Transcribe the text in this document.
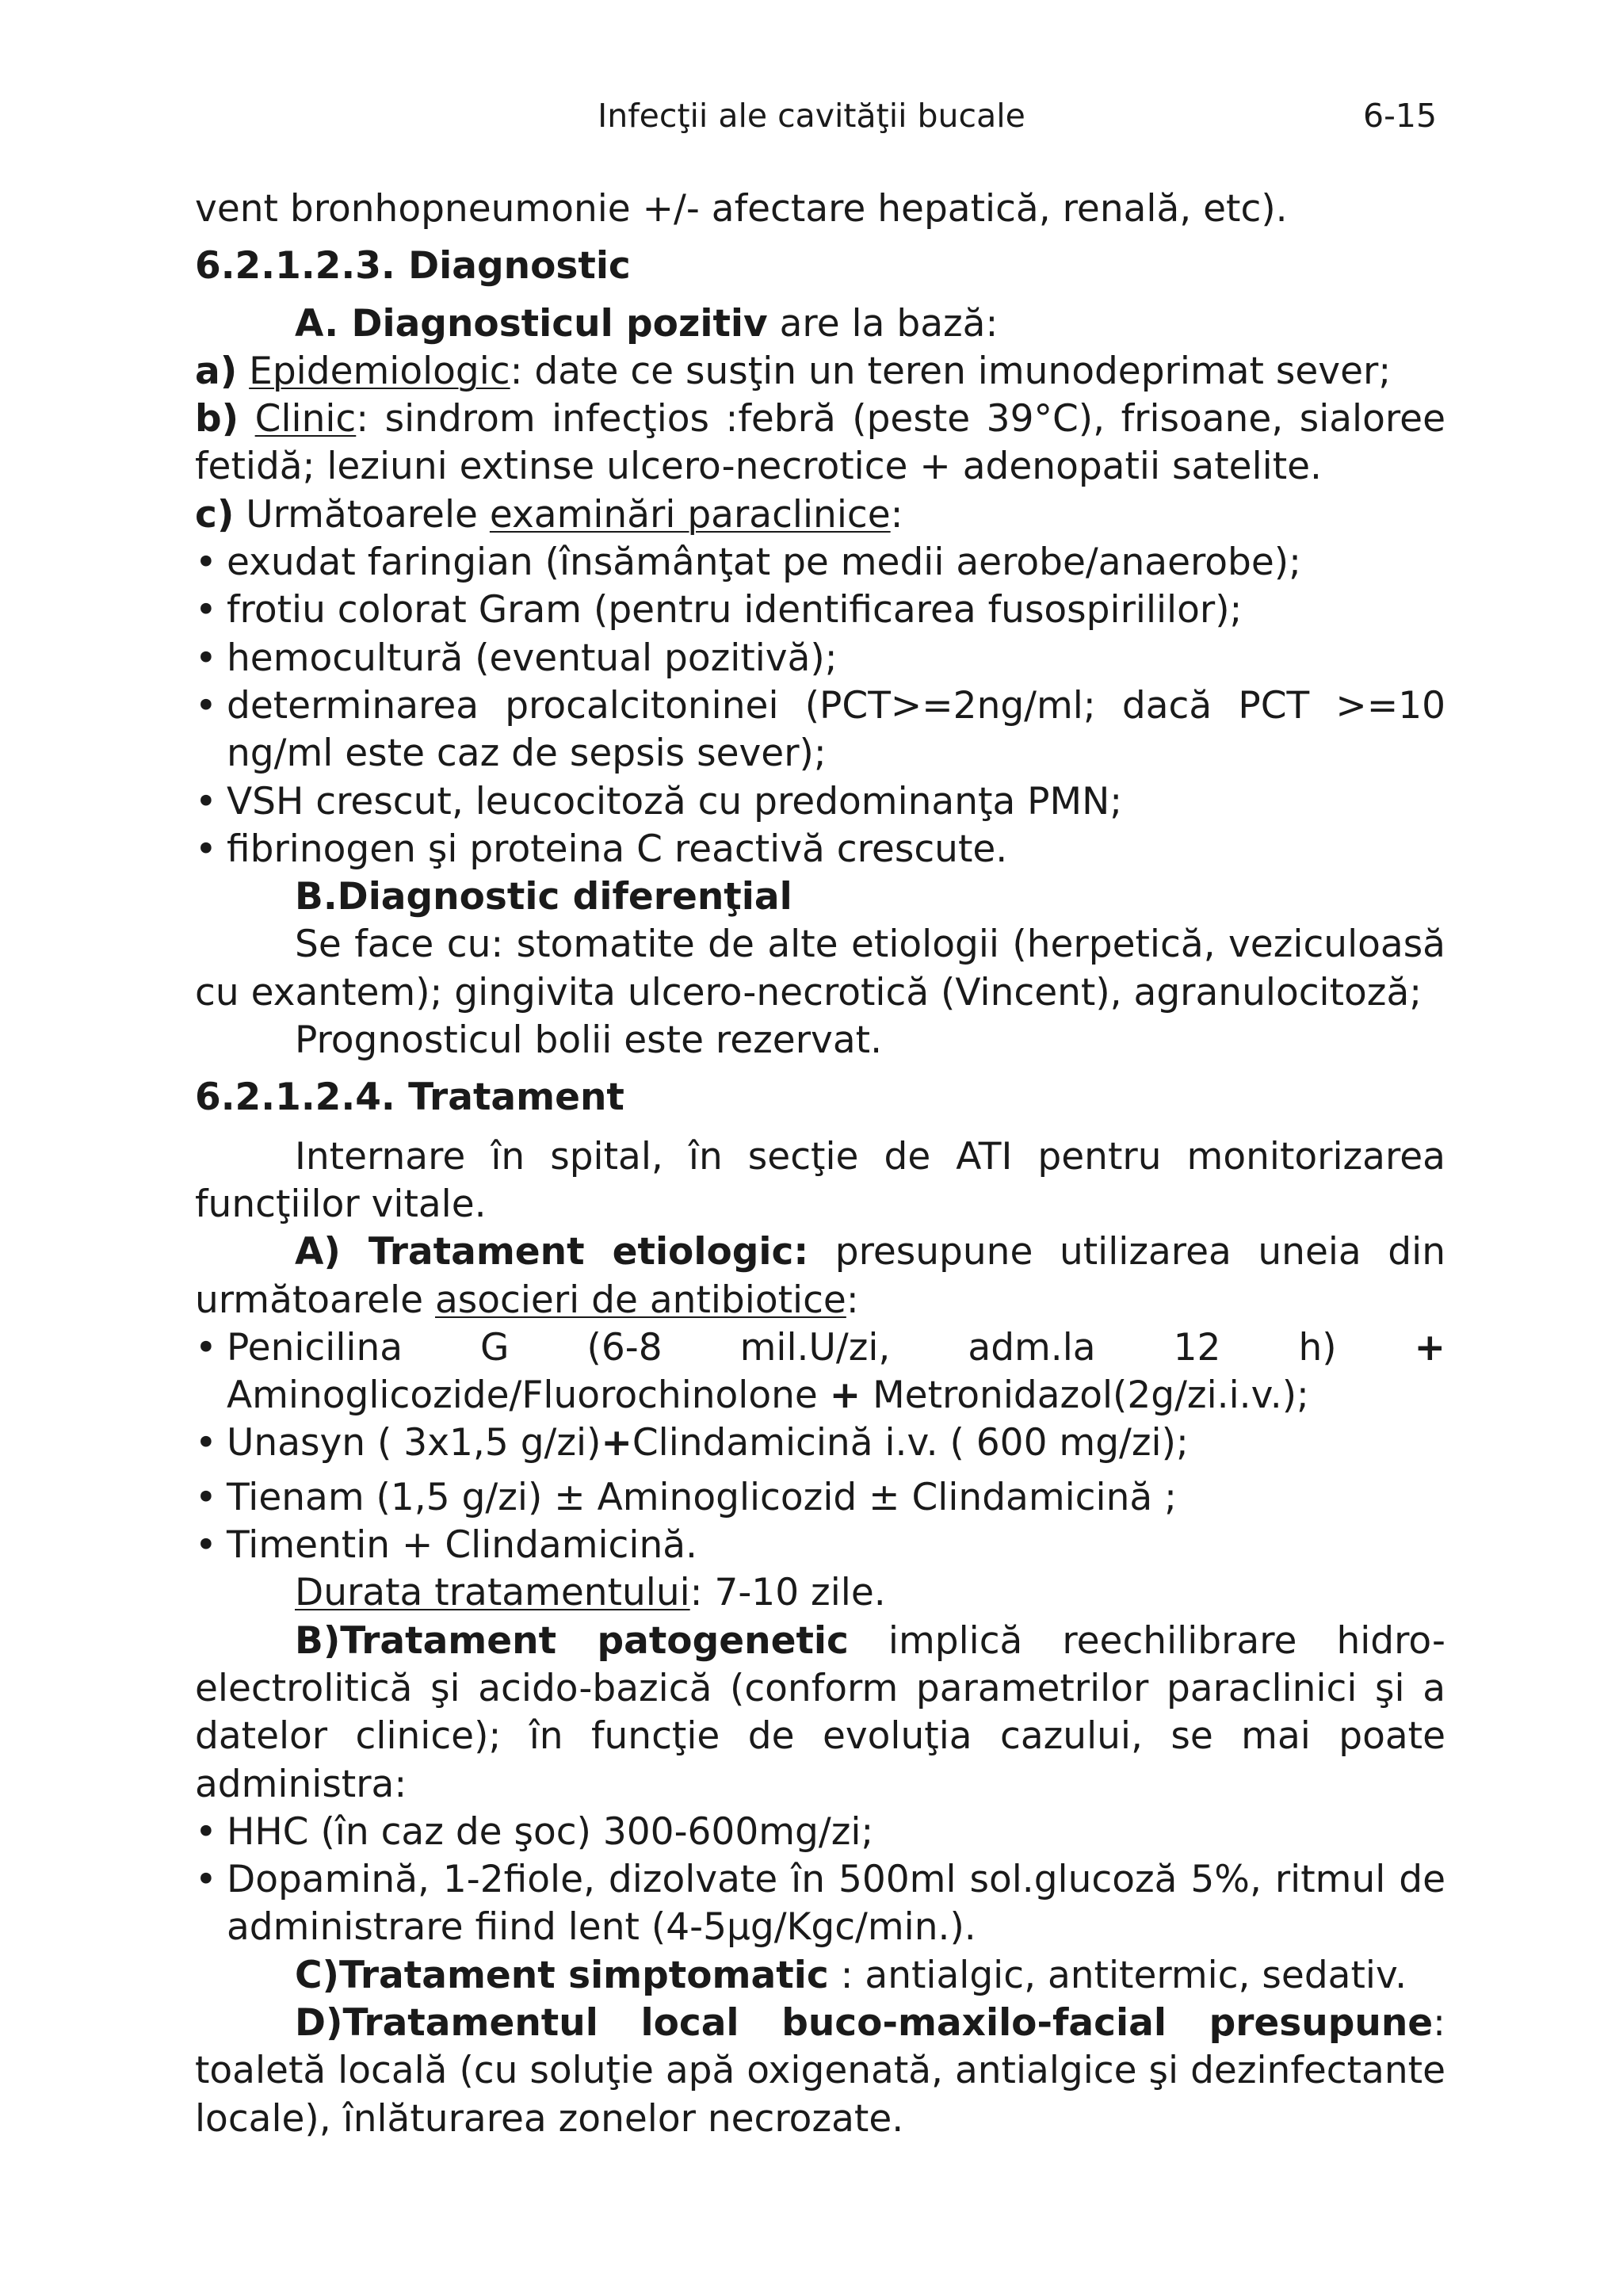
Infecţii ale cavităţii bucale	6-15

vent bronhopneumonie +/- afectare hepatică, renală, etc).

6.2.1.2.3. Diagnostic

A. Diagnosticul pozitiv are la bază:

a) Epidemiologic: date ce susţin un teren imunodeprimat sever;

b) Clinic: sindrom infecţios :febră (peste 39°C), frisoane, sialoree fetidă; leziuni extinse ulcero-necrotice + adenopatii satelite.

c) Următoarele examinări paraclinice:

• exudat faringian (însămânţat pe medii aerobe/anaerobe);

• frotiu colorat Gram (pentru identificarea fusospirililor);

• hemocultură (eventual pozitivă);

• determinarea procalcitoninei (PCT>=2ng/ml; dacă PCT >=10 ng/ml este caz de sepsis sever);

• VSH crescut, leucocitoză cu predominanţa PMN;

• fibrinogen şi proteina C reactivă crescute.

B.Diagnostic diferenţial

Se face cu: stomatite de alte etiologii (herpetică, veziculoasă cu exantem); gingivita ulcero-necrotică (Vincent), agranulocitoză;

Prognosticul bolii este rezervat.

6.2.1.2.4. Tratament

Internare în spital, în secţie de ATI pentru monitorizarea funcţiilor vitale.

A) Tratament etiologic: presupune utilizarea uneia din următoarele asocieri de antibiotice:

• Penicilina G (6-8 mil.U/zi, adm.la 12 h) + Aminoglicozide/Fluorochinolone + Metronidazol(2g/zi.i.v.);

• Unasyn ( 3x1,5 g/zi)+Clindamicină i.v. ( 600 mg/zi);

• Tienam (1,5 g/zi) ± Aminoglicozid ± Clindamicină ;

• Timentin + Clindamicină.

Durata tratamentului: 7-10 zile.

B)Tratament patogenetic implică reechilibrare hidro-electrolitică şi acido-bazică (conform parametrilor paraclinici şi a datelor clinice); în funcţie de evoluţia cazului, se mai poate administra:

• HHC (în caz de şoc) 300-600mg/zi;

• Dopamină, 1-2fiole, dizolvate în 500ml sol.glucoză 5%, ritmul de administrare fiind lent (4-5µg/Kgc/min.).

C)Tratament simptomatic : antialgic, antitermic, sedativ.

D)Tratamentul local buco-maxilo-facial presupune: toaletă locală (cu soluţie apă oxigenată, antialgice şi dezinfectante locale), înlăturarea zonelor necrozate.
